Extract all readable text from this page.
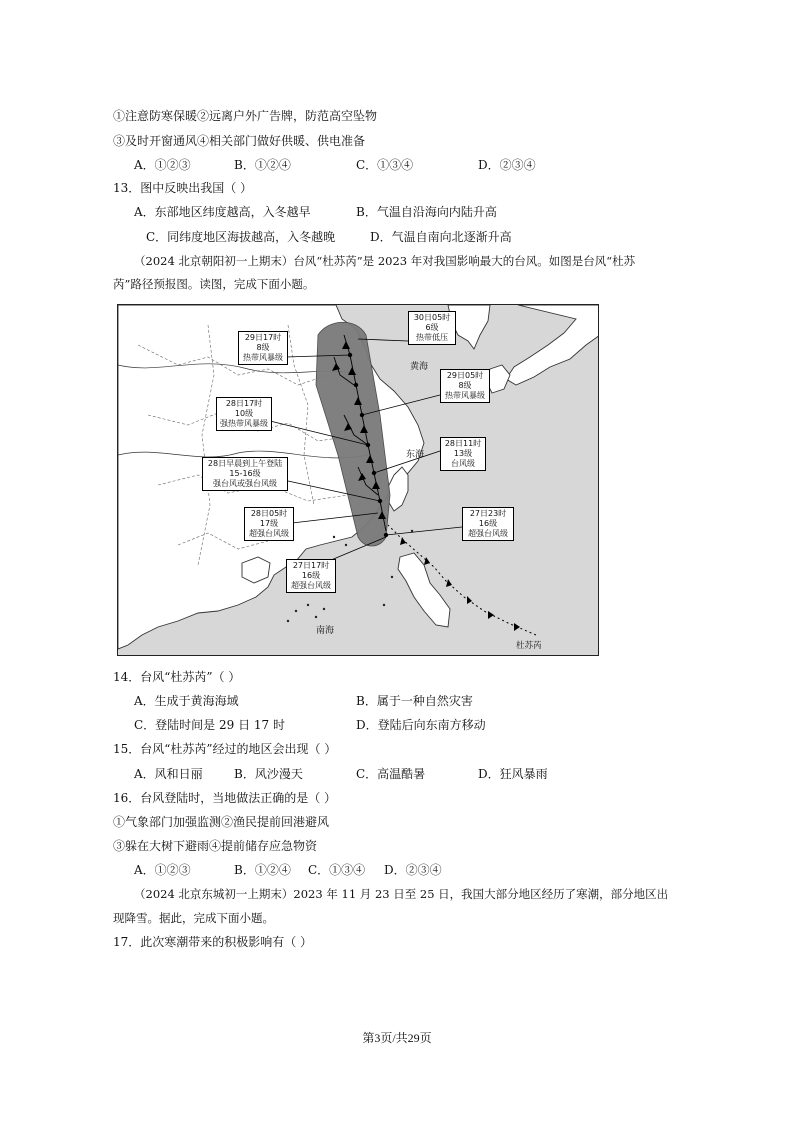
①注意防寒保暖②远离户外广告牌，防范高空坠物
③及时开窗通风④相关部门做好供暖、供电准备
A．①②③	B．①②④	C．①③④	D．②③④
13．图中反映出我国（ ）
A．东部地区纬度越高，入冬越早	B．气温自沿海向内陆升高
C．同纬度地区海拔越高，入冬越晚	D．气温自南向北逐渐升高
（2024 北京朝阳初一上期末）台风“杜苏芮”是 2023 年对我国影响最大的台风。如图是台风“杜苏
芮”路径预报图。读图，完成下面小题。
黄海
东海
南海
杜苏芮
29日17时
8级
热带风暴级
30日05时
6级
热带低压
29日05时
8级
热带风暴级
28日17时
10级
强热带风暴级
28日11时
13级
台风级
28日早晨到上午登陆
15-16级
强台风或强台风级
27日23时
16级
超强台风级
28日05时
17级
超强台风级
27日17时
16级
超强台风级
14．台风“杜苏芮”（ ）
A．生成于黄海海域	B．属于一种自然灾害
C．登陆时间是 29 日 17 时	D．登陆后向东南方移动
15．台风“杜苏芮”经过的地区会出现（ ）
A．风和日丽	B．风沙漫天	C．高温酷暑	D．狂风暴雨
16．台风登陆时，当地做法正确的是（ ）
①气象部门加强监测②渔民提前回港避风
③躲在大树下避雨④提前储存应急物资
A．①②③	B．①②④ C．①③④ D．②③④
（2024 北京东城初一上期末）2023 年 11 月 23 日至 25 日，我国大部分地区经历了寒潮，部分地区出
现降雪。据此，完成下面小题。
17．此次寒潮带来的积极影响有（ ）
第3页/共29页
